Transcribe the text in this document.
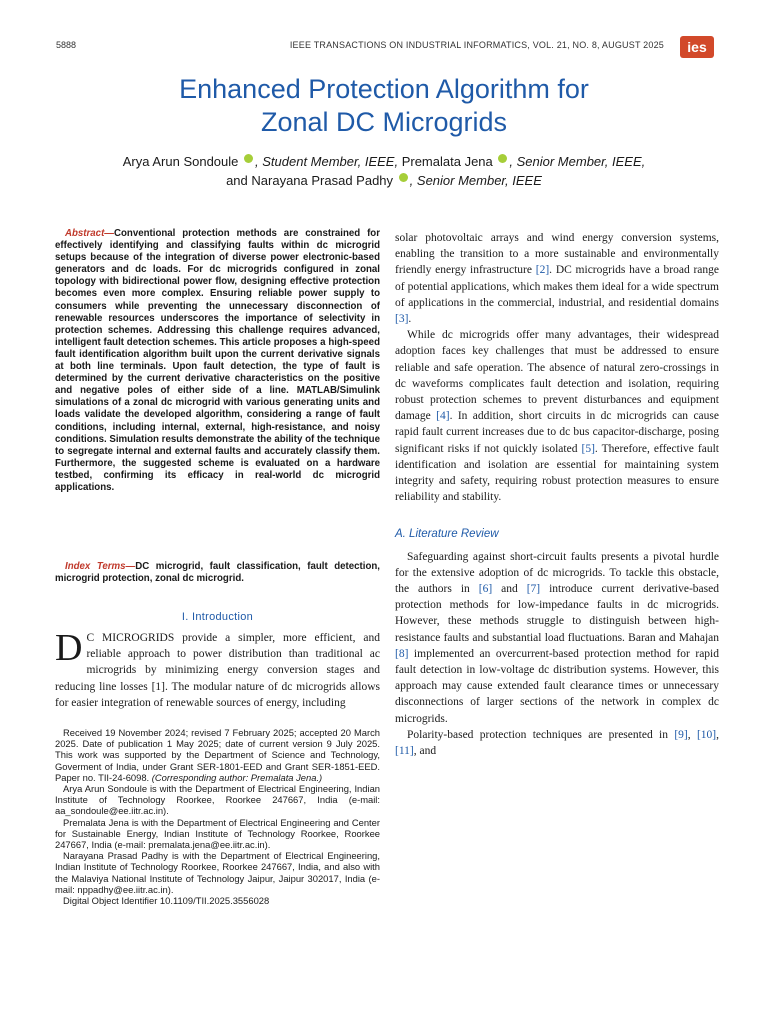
5888	IEEE TRANSACTIONS ON INDUSTRIAL INFORMATICS, VOL. 21, NO. 8, AUGUST 2025 ies
Enhanced Protection Algorithm for
Zonal DC Microgrids
Arya Arun Sondoule , Student Member, IEEE, Premalata Jena , Senior Member, IEEE,
and Narayana Prasad Padhy , Senior Member, IEEE

Abstract—Conventional protection methods are constrained for effectively identifying and classifying faults within dc microgrid setups because of the integration of diverse power electronic-based generators and dc loads. For dc microgrids configured in zonal topology with bidirectional power flow, designing effective protection becomes even more complex. Ensuring reliable power supply to consumers while preventing the unnecessary disconnection of renewable resources underscores the importance of selectivity in protection schemes. Addressing this challenge requires advanced, intelligent fault detection schemes. This article proposes a high-speed fault identification algorithm built upon the current derivative signals at both line terminals. Upon fault detection, the type of fault is determined by the current derivative characteristics on the positive and negative poles of either side of a line. MATLAB/Simulink simulations of a zonal dc microgrid with various generating units and loads validate the developed algorithm, considering a range of fault conditions, including internal, external, high-resistance, and noisy conditions. Simulation results demonstrate the ability of the technique to segregate internal and external faults and accurately classify them. Furthermore, the suggested scheme is evaluated on a hardware testbed, confirming its efficacy in real-world dc microgrid applications.

Index Terms—DC microgrid, fault classification, fault detection, microgrid protection, zonal dc microgrid.

I. Introduction

D C MICROGRIDS provide a simpler, more efficient, and reliable approach to power distribution than traditional ac microgrids by minimizing energy conversion stages and reducing line losses [1]. The modular nature of dc microgrids allows for easier integration of renewable sources of energy, including

Received 19 November 2024; revised 7 February 2025; accepted 20 March 2025. Date of publication 1 May 2025; date of current version 9 July 2025. This work was supported by the Department of Science and Technology, Goverment of India, under Grant SER-1801-EED and Grant SER-1851-EED. Paper no. TII-24-6098. (Corresponding author: Premalata Jena.)

Arya Arun Sondoule is with the Department of Electrical Engineering, Indian Institute of Technology Roorkee, Roorkee 247667, India (e-mail: aa_sondoule@ee.iitr.ac.in).

Premalata Jena is with the Department of Electrical Engineering and Center for Sustainable Energy, Indian Institute of Technology Roorkee, Roorkee 247667, India (e-mail: premalata.jena@ee.iitr.ac.in).

Narayana Prasad Padhy is with the Department of Electrical Engineering, Indian Institute of Technology Roorkee, Roorkee 247667, India, and also with the Malaviya National Institute of Technology Jaipur, Jaipur 302017, India (e-mail: nppadhy@ee.iitr.ac.in).

Digital Object Identifier 10.1109/TII.2025.3556028

solar photovoltaic arrays and wind energy conversion systems, enabling the transition to a more sustainable and environmentally friendly energy infrastructure [2]. DC microgrids have a broad range of potential applications, which makes them ideal for a wide spectrum of applications in the commercial, industrial, and residential domains [3].

While dc microgrids offer many advantages, their widespread adoption faces key challenges that must be addressed to ensure reliable and safe operation. The absence of natural zero-crossings in dc waveforms complicates fault detection and isolation, requiring robust protection schemes to prevent disturbances and equipment damage [4]. In addition, short circuits in dc microgrids can cause rapid fault current increases due to dc bus capacitor-discharge, posing significant risks if not quickly isolated [5]. Therefore, effective fault identification and isolation are essential for maintaining system integrity and safety, requiring robust protection measures to ensure reliability and stability.

A. Literature Review

Safeguarding against short-circuit faults presents a pivotal hurdle for the extensive adoption of dc microgrids. To tackle this obstacle, the authors in [6] and [7] introduce current derivative-based protection methods for low-impedance faults in dc microgrids. However, these methods struggle to distinguish between high-resistance faults and substantial load fluctuations. Baran and Mahajan [8] implemented an overcurrent-based protection method for rapid fault detection in low-voltage dc distribution systems. However, this approach may cause extended fault clearance times or unnecessary disconnections of larger sections of the network in complex dc microgrids.

Polarity-based protection techniques are presented in [9], [10], [11], and
